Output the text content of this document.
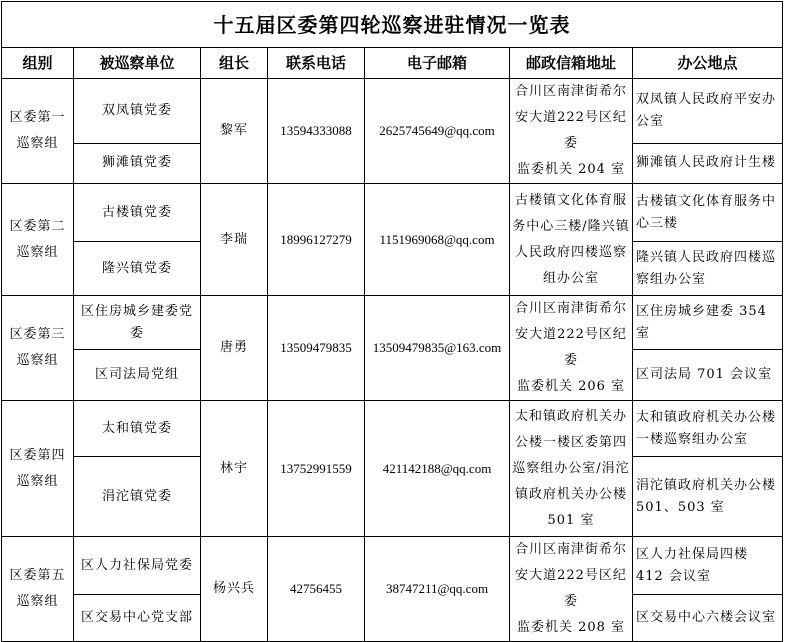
十五届区委第四轮巡察进驻情况一览表						
组别	被巡察单位	组长	联系电话	电子邮箱	邮政信箱地址	办公地点

区委第一
巡察组	双凤镇党委	黎军	13594333088	2625745649@qq.com	合川区南津街希尔
安大道222号区纪委
监委机关 204 室	双凤镇人民政府平安办公室
	狮滩镇党委					狮滩镇人民政府计生楼

区委第二
巡察组	古楼镇党委	李瑞	18996127279	1151969068@qq.com	古楼镇文化体育服
务中心三楼/隆兴镇
人民政府四楼巡察
组办公室	古楼镇文化体育服务中心三楼
	隆兴镇党委					隆兴镇人民政府四楼巡察组办公室

区委第三
巡察组	区住房城乡建委党委	唐勇	13509479835	13509479835@163.com	合川区南津街希尔
安大道222号区纪委
监委机关 206 室	区住房城乡建委 354 室
	区司法局党组					区司法局 701 会议室

区委第四
巡察组	太和镇党委	林宇	13752991559	421142188@qq.com	太和镇政府机关办
公楼一楼区委第四
巡察组办公室/涓沱
镇政府机关办公楼
501 室	太和镇政府机关办公楼一楼巡察组办公室
	涓沱镇党委					涓沱镇政府机关办公楼 501、503 室

区委第五
巡察组	区人力社保局党委	杨兴兵	42756455	38747211@qq.com	合川区南津街希尔
安大道222号区纪委
监委机关 208 室	区人力社保局四楼 412 会议室
	区交易中心党支部					区交易中心六楼会议室
